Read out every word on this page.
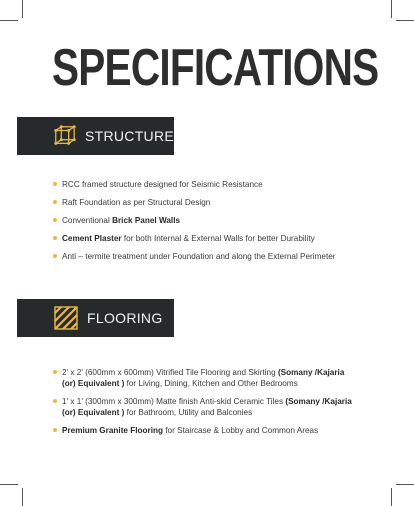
SPECIFICATIONS
STRUCTURE
RCC framed structure designed for Seismic Resistance
Raft Foundation as per Structural Design
Conventional Brick Panel Walls
Cement Plaster for both Internal & External Walls for better Durability
Anti – termite treatment under Foundation and along the External Perimeter
FLOORING
2' x 2' (600mm x 600mm) Vitrified Tile Flooring and Skirting (Somany /Kajaria (or) Equivalent ) for Living, Dining, Kitchen and Other Bedrooms
1' x 1' (300mm x 300mm) Matte finish Anti-skid Ceramic Tiles (Somany /Kajaria (or) Equivalent ) for Bathroom, Utility and Balconies
Premium Granite Flooring for Staircase & Lobby and Common Areas
